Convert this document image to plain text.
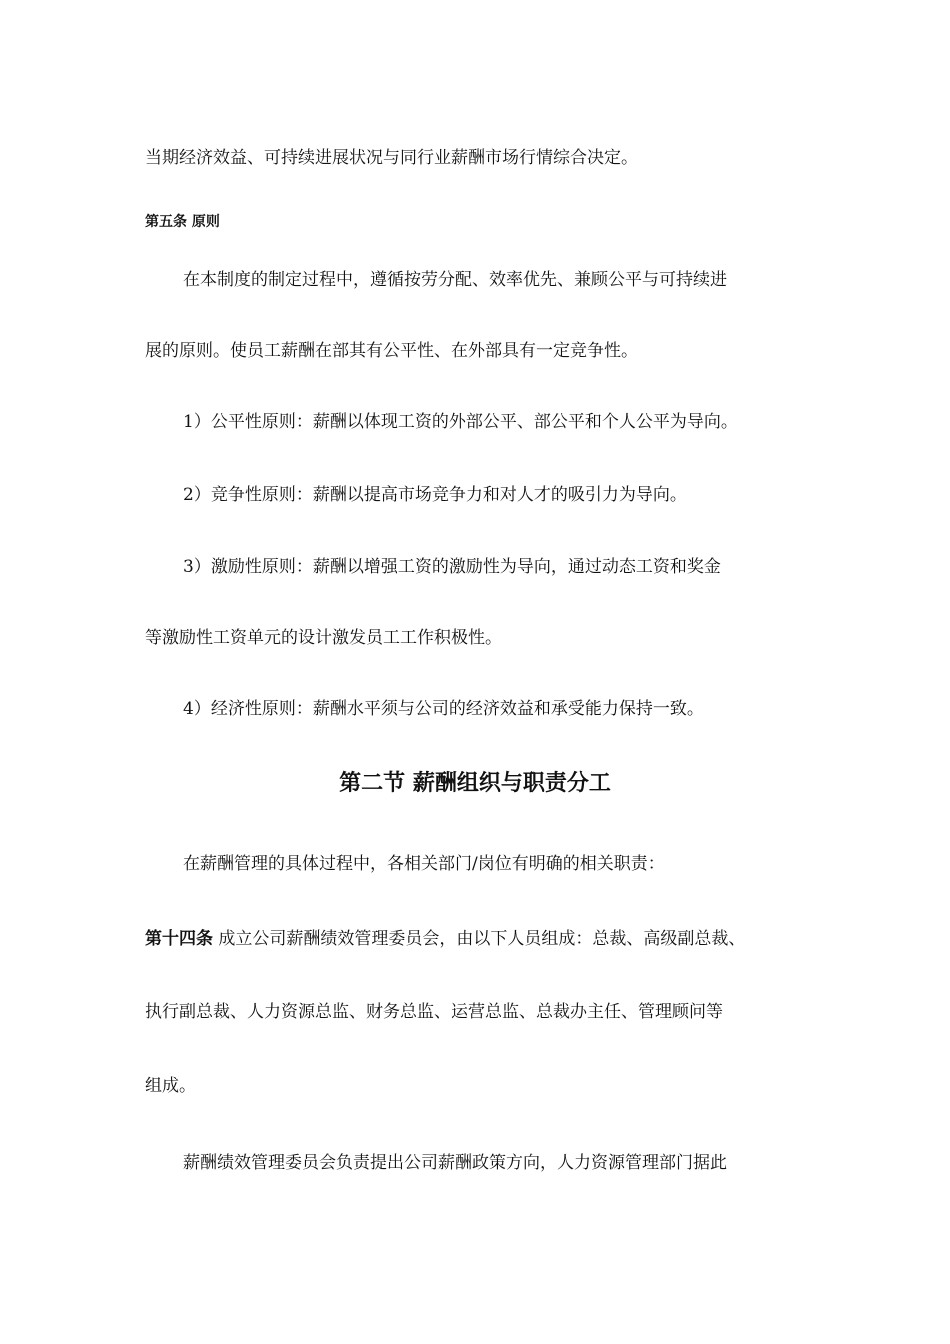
当期经济效益、可持续进展状况与同行业薪酬市场行情综合决定。
第五条 原则
在本制度的制定过程中，遵循按劳分配、效率优先、兼顾公平与可持续进
展的原则。使员工薪酬在部其有公平性、在外部具有一定竞争性。
1）公平性原则：薪酬以体现工资的外部公平、部公平和个人公平为导向。
2）竞争性原则：薪酬以提高市场竞争力和对人才的吸引力为导向。
3）激励性原则：薪酬以增强工资的激励性为导向，通过动态工资和奖金
等激励性工资单元的设计激发员工工作积极性。
4）经济性原则：薪酬水平须与公司的经济效益和承受能力保持一致。
第二节 薪酬组织与职责分工
在薪酬管理的具体过程中，各相关部门/岗位有明确的相关职责：
第十四条 成立公司薪酬绩效管理委员会，由以下人员组成：总裁、高级副总裁、
执行副总裁、人力资源总监、财务总监、运营总监、总裁办主任、管理顾问等
组成。
薪酬绩效管理委员会负责提出公司薪酬政策方向，人力资源管理部门据此
